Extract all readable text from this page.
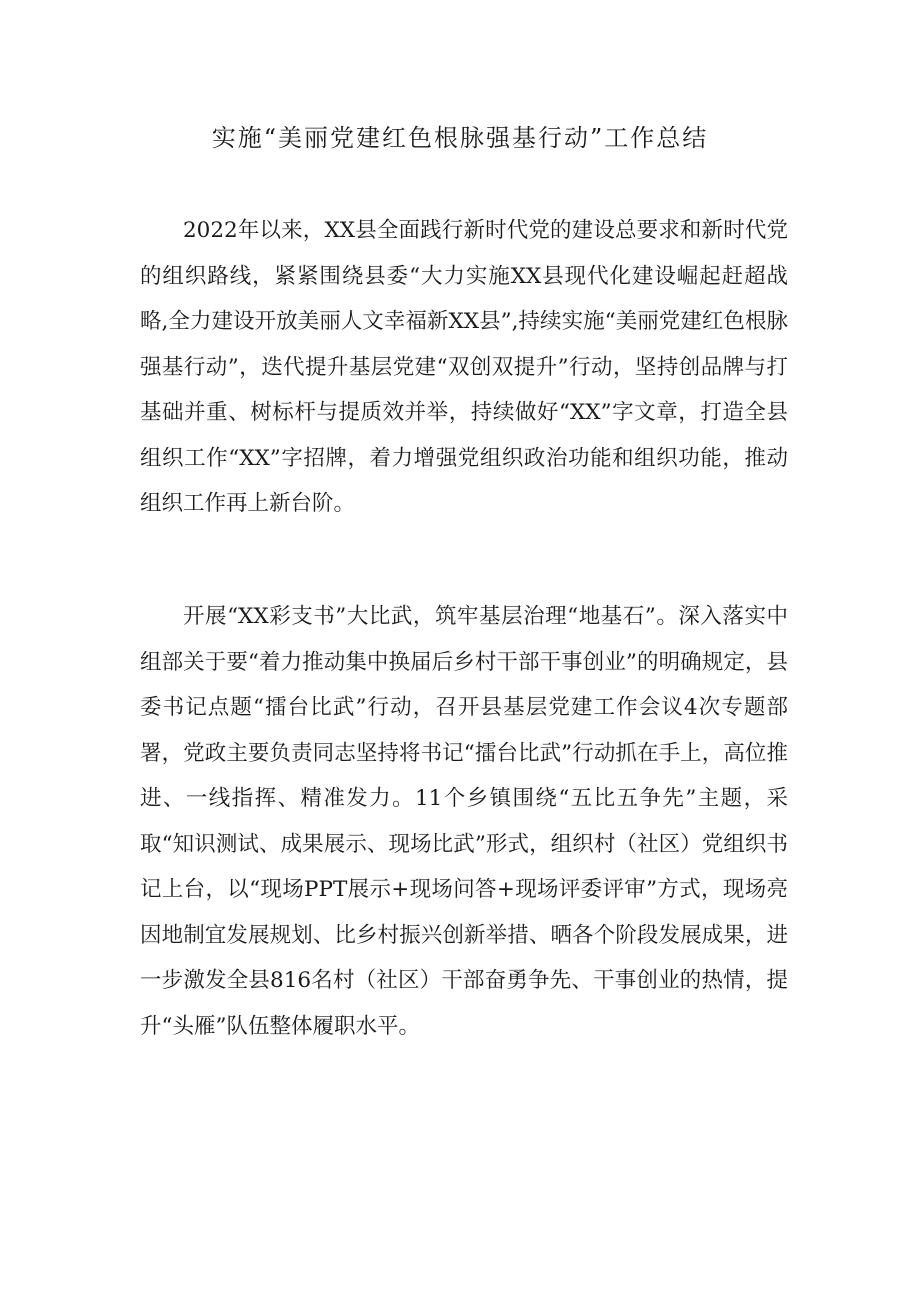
实施“美丽党建红色根脉强基行动”工作总结

2022年以来，XX县全面践行新时代党的建设总要求和新时代党的组织路线，紧紧围绕县委“大力实施XX县现代化建设崛起赶超战略,全力建设开放美丽人文幸福新XX县”,持续实施“美丽党建红色根脉强基行动”，迭代提升基层党建“双创双提升”行动，坚持创品牌与打基础并重、树标杆与提质效并举，持续做好“XX”字文章，打造全县组织工作“XX”字招牌，着力增强党组织政治功能和组织功能，推动组织工作再上新台阶。

开展“XX彩支书”大比武，筑牢基层治理“地基石”。深入落实中组部关于要“着力推动集中换届后乡村干部干事创业”的明确规定，县委书记点题“擂台比武”行动，召开县基层党建工作会议4次专题部署，党政主要负责同志坚持将书记“擂台比武”行动抓在手上，高位推进、一线指挥、精准发力。11个乡镇围绕“五比五争先”主题，采取“知识测试、成果展示、现场比武”形式，组织村（社区）党组织书记上台，以“现场PPT展示+现场问答+现场评委评审”方式，现场亮因地制宜发展规划、比乡村振兴创新举措、晒各个阶段发展成果，进一步激发全县816名村（社区）干部奋勇争先、干事创业的热情，提升“头雁”队伍整体履职水平。
